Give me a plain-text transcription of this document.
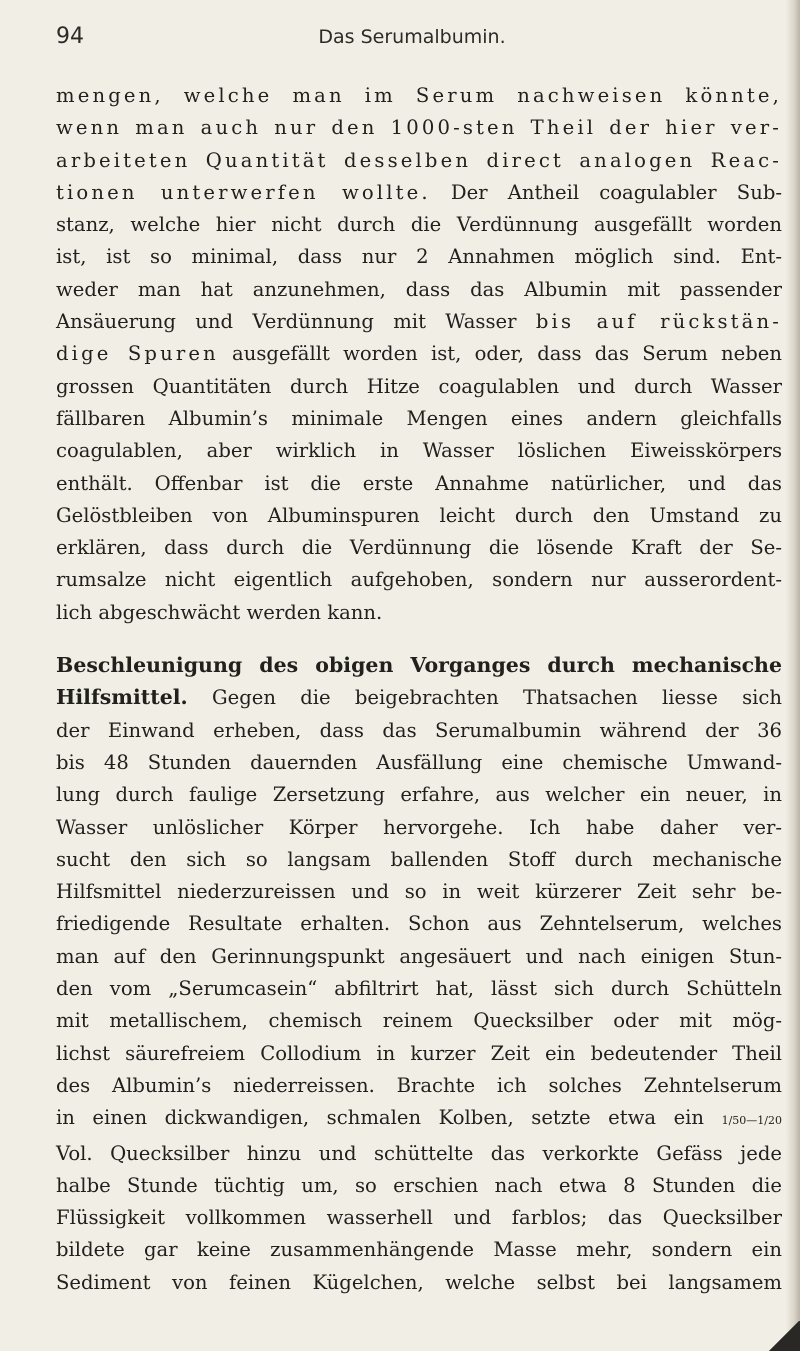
94	Das Serumalbumin.
mengen, welche man im Serum nachweisen könnte,
wenn man auch nur den 1000-sten Theil der hier ver-
arbeiteten Quantität desselben direct analogen Reac-
tionen unterwerfen wollte. Der Antheil coagulabler Sub-
stanz, welche hier nicht durch die Verdünnung ausgefällt worden
ist, ist so minimal, dass nur 2 Annahmen möglich sind. Ent-
weder man hat anzunehmen, dass das Albumin mit passender
Ansäuerung und Verdünnung mit Wasser bis auf rückstän-
dige Spuren ausgefällt worden ist, oder, dass das Serum neben
grossen Quantitäten durch Hitze coagulablen und durch Wasser
fällbaren Albumin’s minimale Mengen eines andern gleichfalls
coagulablen, aber wirklich in Wasser löslichen Eiweisskörpers
enthält. Offenbar ist die erste Annahme natürlicher, und das
Gelöstbleiben von Albuminspuren leicht durch den Umstand zu
erklären, dass durch die Verdünnung die lösende Kraft der Se-
rumsalze nicht eigentlich aufgehoben, sondern nur ausserordent-
lich abgeschwächt werden kann.
Beschleunigung des obigen Vorganges durch mechanische
Hilfsmittel. Gegen die beigebrachten Thatsachen liesse sich
der Einwand erheben, dass das Serumalbumin während der 36
bis 48 Stunden dauernden Ausfällung eine chemische Umwand-
lung durch faulige Zersetzung erfahre, aus welcher ein neuer, in
Wasser unlöslicher Körper hervorgehe. Ich habe daher ver-
sucht den sich so langsam ballenden Stoff durch mechanische
Hilfsmittel niederzureissen und so in weit kürzerer Zeit sehr be-
friedigende Resultate erhalten. Schon aus Zehntelserum, welches
man auf den Gerinnungspunkt angesäuert und nach einigen Stun-
den vom „Serumcasein“ abfiltrirt hat, lässt sich durch Schütteln
mit metallischem, chemisch reinem Quecksilber oder mit mög-
lichst säurefreiem Collodium in kurzer Zeit ein bedeutender Theil
des Albumin’s niederreissen. Brachte ich solches Zehntelserum
in einen dickwandigen, schmalen Kolben, setzte etwa ein 1/50—1/20
Vol. Quecksilber hinzu und schüttelte das verkorkte Gefäss jede
halbe Stunde tüchtig um, so erschien nach etwa 8 Stunden die
Flüssigkeit vollkommen wasserhell und farblos; das Quecksilber
bildete gar keine zusammenhängende Masse mehr, sondern ein
Sediment von feinen Kügelchen, welche selbst bei langsamem
